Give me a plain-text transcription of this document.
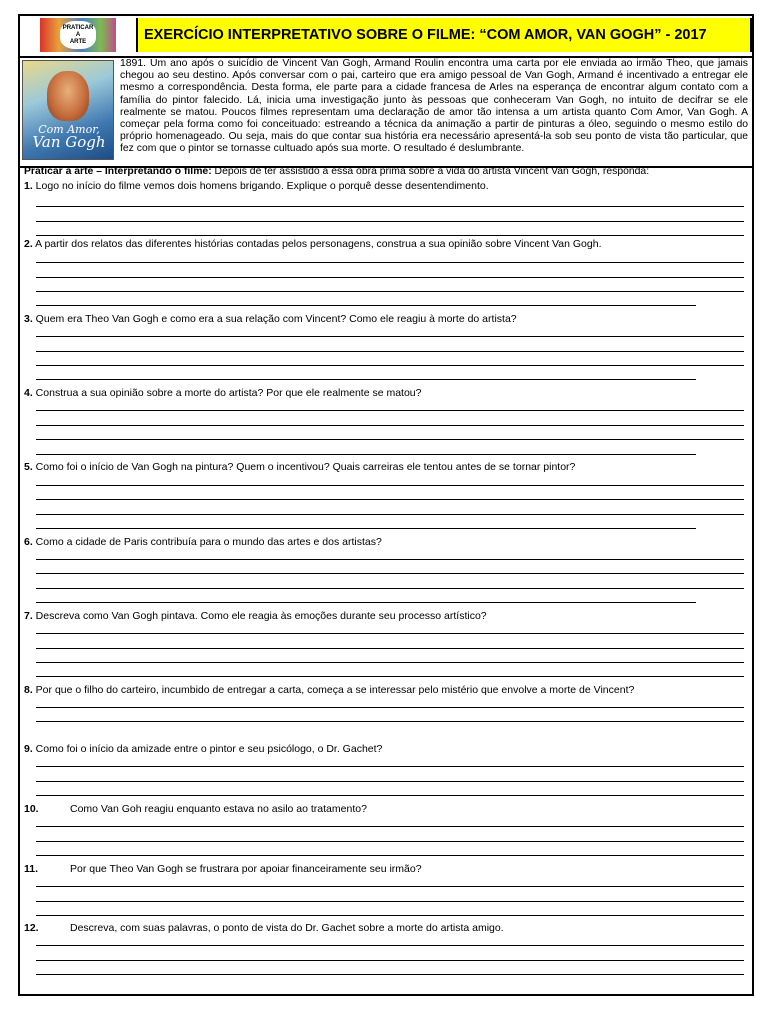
PRATICAR
A
ARTE	EXERCÍCIO INTERPRETATIVO SOBRE O FILME: “COM AMOR, VAN GOGH” - 2017
Com Amor,
Van Gogh
1891. Um ano após o suicídio de Vincent Van Gogh, Armand Roulin encontra uma carta por ele enviada ao irmão Theo, que jamais chegou ao seu destino. Após conversar com o pai, carteiro que era amigo pessoal de Van Gogh, Armand é incentivado a entregar ele mesmo a correspondência. Desta forma, ele parte para a cidade francesa de Arles na esperança de encontrar algum contato com a família do pintor falecido. Lá, inicia uma investigação junto às pessoas que conheceram Van Gogh, no intuito de decifrar se ele realmente se matou. Poucos filmes representam uma declaração de amor tão intensa a um artista quanto Com Amor, Van Gogh. A começar pela forma como foi conceituado: estreando a técnica da animação a partir de pinturas a óleo, seguindo o mesmo estilo do próprio homenageado. Ou seja, mais do que contar sua história era necessário apresentá-la sob seu ponto de vista tão particular, que fez com que o pintor se tornasse cultuado após sua morte. O resultado é deslumbrante.
Praticar a arte – Interpretando o filme: Depois de ter assistido a essa obra prima sobre a vida do artista Vincent Van Gogh, responda:
1. Logo no início do filme vemos dois homens brigando. Explique o porquê desse desentendimento.
2. A partir dos relatos das diferentes histórias contadas pelos personagens, construa a sua opinião sobre Vincent Van Gogh.
3. Quem era Theo Van Gogh e como era a sua relação com Vincent? Como ele reagiu à morte do artista?
4. Construa a sua opinião sobre a morte do artista? Por que ele realmente se matou?
5. Como foi o início de Van Gogh na pintura? Quem o incentivou? Quais carreiras ele tentou antes de se tornar pintor?
6. Como a cidade de Paris contribuía para o mundo das artes e dos artistas?
7. Descreva como Van Gogh pintava. Como ele reagia às emoções durante seu processo artístico?
8. Por que o filho do carteiro, incumbido de entregar a carta, começa a se interessar pelo mistério que envolve a morte de Vincent?
9. Como foi o início da amizade entre o pintor e seu psicólogo, o Dr. Gachet?
10.	Como Van Goh reagiu enquanto estava no asilo ao tratamento?
11.	Por que Theo Van Gogh se frustrara por apoiar financeiramente seu irmão?
12.	Descreva, com suas palavras, o ponto de vista do Dr. Gachet sobre a morte do artista amigo.
